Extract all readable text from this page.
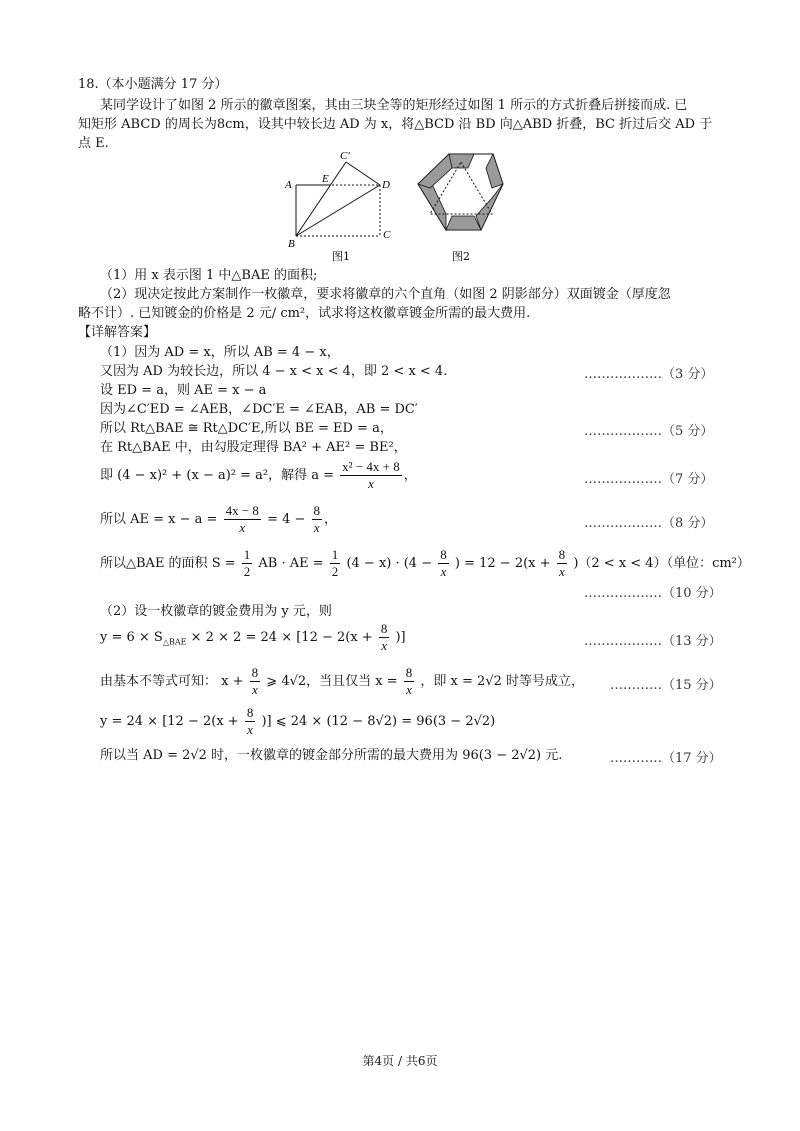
18.（本小题满分 17 分）
某同学设计了如图 2 所示的徽章图案，其由三块全等的矩形经过如图 1 所示的方式折叠后拼接而成. 已
知矩形 ABCD 的周长为8cm，设其中较长边 AD 为 x，将△BCD 沿 BD 向△ABD 折叠，BC 折过后交 AD 于
点 E.
A	E	D
B
C
C′
图1	图2
（1）用 x 表示图 1 中△BAE 的面积;
（2）现决定按此方案制作一枚徽章，要求将徽章的六个直角（如图 2 阴影部分）双面镀金（厚度忽
略不计）. 已知镀金的价格是 2 元/ cm²，试求将这枚徽章镀金所需的最大费用.
【详解答案】
（1）因为 AD = x，所以 AB = 4 − x，
又因为 AD 为较长边，所以 4 − x < x < 4，即 2 < x < 4.	………………（3 分）
设 ED = a，则 AE = x − a
因为∠C′ED = ∠AEB，∠DC′E = ∠EAB，AB = DC′
所以 Rt△BAE ≅ Rt△DC′E,所以 BE = ED = a，	………………（5 分）
在 Rt△BAE 中，由勾股定理得 BA² + AE² = BE²，
即 (4 − x)² + (x − a)² = a²，解得 $a = \frac{\text{x² − 4x + 8}}{x}$ ，	………………（7 分）
所以 AE = $x - a = \frac{4x - 8}{x} = 4 - \frac{8}{x}$ ，	………………（8 分）
所以△BAE 的面积 $S = \frac{1}{2}$ AB · AE = $\frac{1}{2} (4 - x) \cdot (4 - \frac{8}{x}$ ) = $12 - 2(x + \frac{8}{x} )(2 < x < 4)$（单位：cm²）
………………（10 分）
（2）设一枚徽章的镀金费用为 y 元，则
$y = 6 \times S_{\triangle BAE} \times 2 \times 2 = 24 \times [12 - 2(x + \frac{8}{x}$ )]	………………（13 分）
由基本不等式可知： $x + \frac{8}{x}$ ⩾ 4√2，当且仅当 $x = \frac{8}{x}$ ，即 x = 2√2 时等号成立， …………（15 分）
$y = 24 \times [12 - 2(x + \frac{8}{x}$ )] ⩽ 24 × (12 − 8√2) = 96(3 − 2√2)
所以当 AD = 2√2 时，一枚徽章的镀金部分所需的最大费用为 96(3 − 2√2) 元.	…………（17 分）
第4页 / 共6页
